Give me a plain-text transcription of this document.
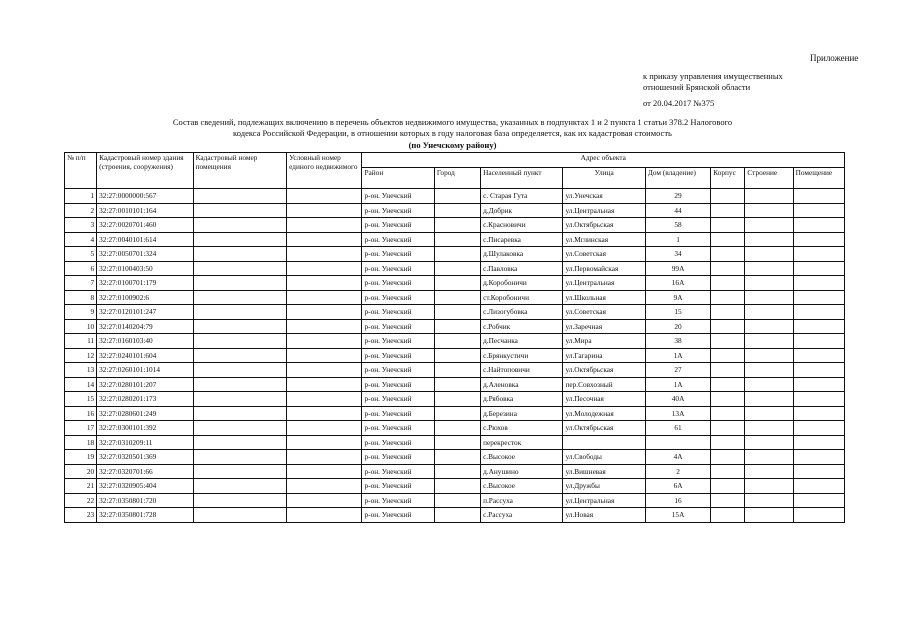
Приложение
к приказу управления имущественных
отношений Брянской области
от 20.04.2017 №375
Состав сведений, подлежащих включению в перечень объектов недвижимого имущества, указанных в подпунктах 1 и 2 пункта 1 статьи 378.2 Налогового
кодекса Российской Федерации, в отношении которых в году налоговая база определяется, как их кадастровая стоимость
(по Унечскому району)
№ п/п	Кадастровый номер здания (строения, сооружения)	Кадастровый номер помещения	Условный номер единого недвижимого	Адрес объекта							
				Район	Город	Населенный пункт	Улица	Дом (владение)	Корпус	Строение	Помещение
1	32:27:0000000:567			р-он. Унечский		с. Старая Гута	ул.Унечская	29			
2	32:27:0010101:164			р-он. Унечский		д.Добрик	ул.Центральная	44			
3	32:27:0020701:460			р-он. Унечский		с.Красновичи	ул.Октябрьская	58			
4	32:27:0040101:614			р-он. Унечский		с.Писаревка	ул.Мглинская	1			
5	32:27:0050701:324			р-он. Унечский		д.Шулаковка	ул.Советская	34			
6	32:27:0100403:50			р-он. Унечский		с.Павловка	ул.Первомайская	99А			
7	32:27:0100701:179			р-он. Унечский		д.Коробоничи	ул.Центральная	16А			
8	32:27:0100902:6			р-он. Унечский		ст.Коробоничи	ул.Школьная	9А			
9	32:27:0120101:247			р-он. Унечский		с.Лизогубовка	ул.Советская	15			
10	32:27:0140204:79			р-он. Унечский		с.Робчик	ул.Заречная	20			
11	32:27:0160103:40			р-он. Унечский		д.Песчанка	ул.Мира	38			
12	32:27:0240101:604			р-он. Унечский		с.Брянкустичи	ул.Гагарина	1А			
13	32:27:0260101:1014			р-он. Унечский		с.Найтоповичи	ул.Октябрьская	27			
14	32:27:0280101:207			р-он. Унечский		д.Аленовка	пер.Совхозный	1А			
15	32:27:0280201:173			р-он. Унечский		д.Рябовка	ул.Песочная	40А			
16	32:27:0280601:249			р-он. Унечский		д.Березина	ул.Молодежная	13А			
17	32:27:0300101:392			р-он. Унечский		с.Рюхов	ул.Октябрьская	61			
18	32:27:0310209:11			р-он. Унечский		перекресток					
19	32:27:0320501:369			р-он. Унечский		с.Высокое	ул.Свободы	4А			
20	32:27:0320701:66			р-он. Унечский		д.Анушино	ул.Вишневая	2			
21	32:27:0320905:404			р-он. Унечский		с.Высокое	ул.Дружбы	6А			
22	32:27:0350801:720			р-он. Унечский		п.Рассуха	ул.Центральная	16			
23	32:27:0350801:728			р-он. Унечский		с.Рассуха	ул.Новая	15А			
